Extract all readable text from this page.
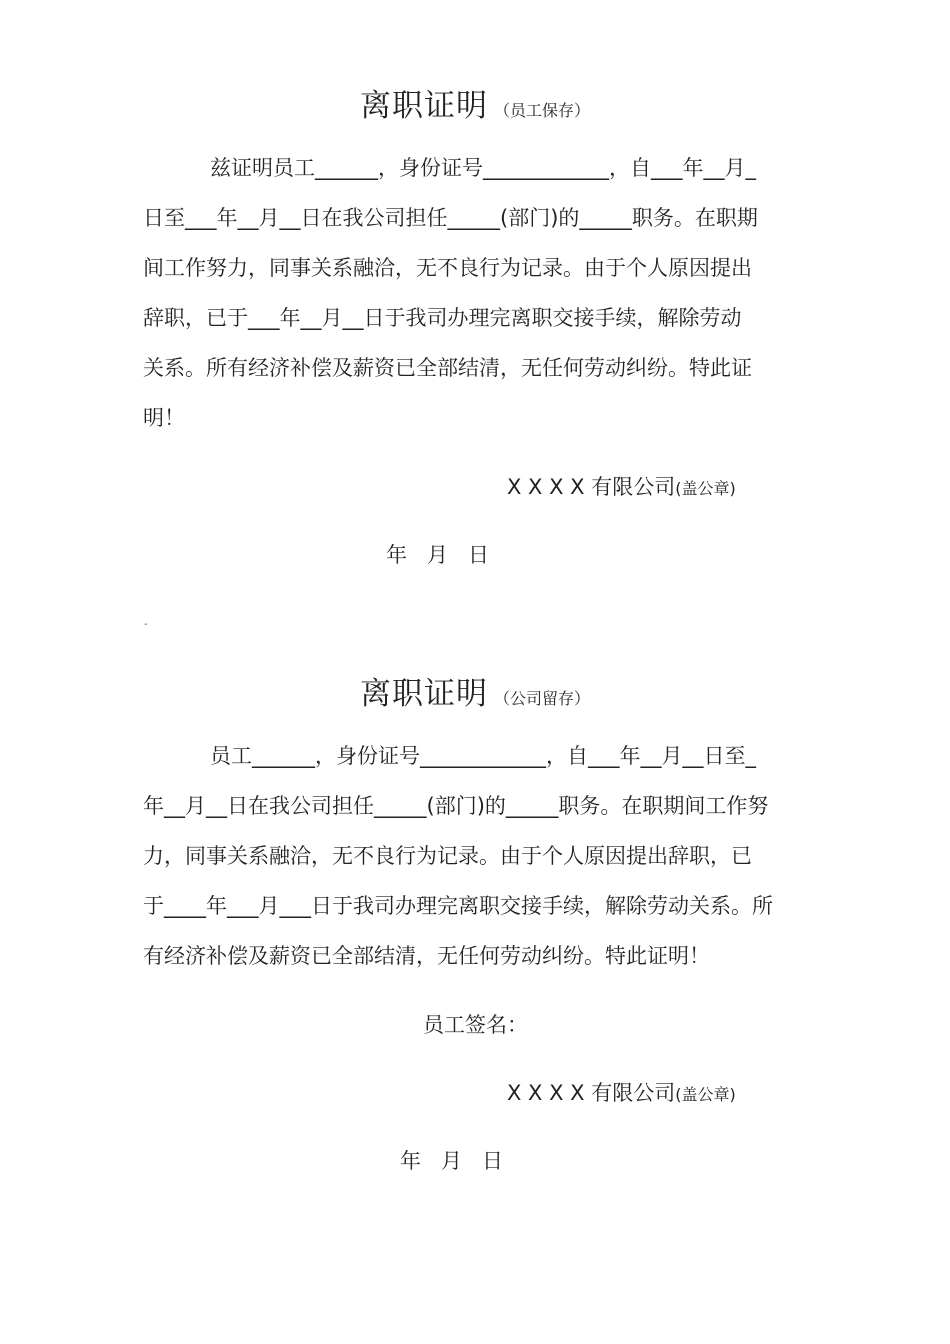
离职证明 （员工保存）
兹证明员工______，身份证号____________，自___年__月_
日至___年__月__日在我公司担任_____(部门)的_____职务。在职期
间工作努力，同事关系融洽，无不良行为记录。由于个人原因提出
辞职，已于___年__月__日于我司办理完离职交接手续，解除劳动
关系。所有经济补偿及薪资已全部结清，无任何劳动纠纷。特此证
明！
X X X X 有限公司(盖公章)
年 月 日
-
离职证明 （公司留存）
员工______，身份证号____________，自___年__月__日至_
年__月__日在我公司担任_____(部门)的_____职务。在职期间工作努
力，同事关系融洽，无不良行为记录。由于个人原因提出辞职，已
于____年___月___日于我司办理完离职交接手续，解除劳动关系。所
有经济补偿及薪资已全部结清，无任何劳动纠纷。特此证明！
员工签名：
X X X X 有限公司(盖公章)
年 月 日
